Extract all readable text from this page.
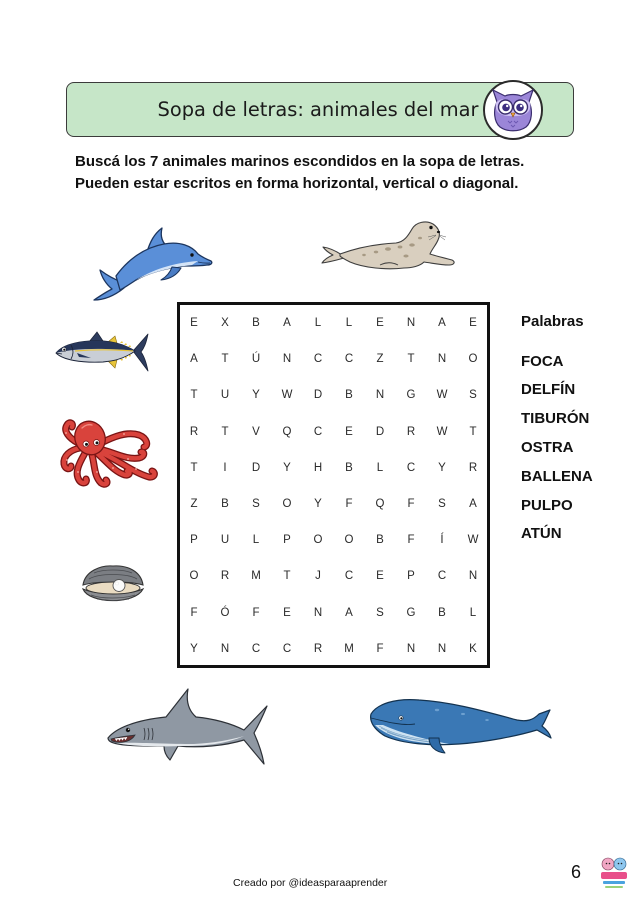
Sopa de letras: animales del mar
Buscá los 7 animales marinos escondidos en la sopa de letras.
Pueden estar escritos en forma horizontal, vertical o diagonal.
E	X	B	A	L	L	E	N	A	E
A	T	Ú	N	C	C	Z	T	N	O
T	U	Y	W	D	B	N	G	W	S
R	T	V	Q	C	E	D	R	W	T
T	I	D	Y	H	B	L	C	Y	R
Z	B	S	O	Y	F	Q	F	S	A
P	U	L	P	O	O	B	F	Í	W
O	R	M	T	J	C	E	P	C	N
F	Ó	F	E	N	A	S	G	B	L
Y	N	C	C	R	M	F	N	N	K
Palabras
FOCA
DELFÍN
TIBURÓN
OSTRA
BALLENA
PULPO
ATÚN
Creado por @ideasparaaprender
6
